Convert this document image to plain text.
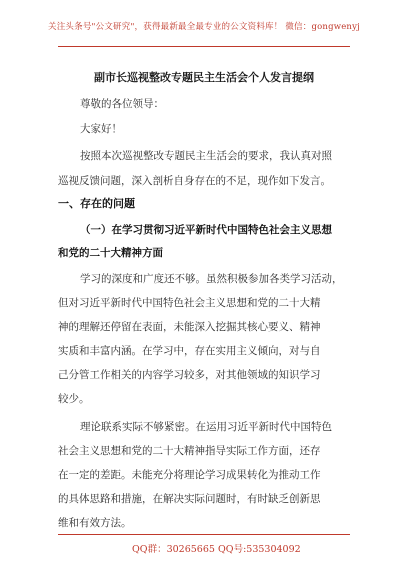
关注头条号"公文研究"，获得最新最全最专业的公文资料库！ 微信：gongwenyj
副市长巡视整改专题民主生活会个人发言提纲
尊敬的各位领导：
大家好！
按照本次巡视整改专题民主生活会的要求，我认真对照
巡视反馈问题，深入剖析自身存在的不足，现作如下发言。
一、存在的问题
（一）在学习贯彻习近平新时代中国特色社会主义思想
和党的二十大精神方面
学习的深度和广度还不够。虽然积极参加各类学习活动，
但对习近平新时代中国特色社会主义思想和党的二十大精
神的理解还停留在表面，未能深入挖掘其核心要义、精神
实质和丰富内涵。在学习中，存在实用主义倾向，对与自
己分管工作相关的内容学习较多，对其他领域的知识学习
较少。
理论联系实际不够紧密。在运用习近平新时代中国特色
社会主义思想和党的二十大精神指导实际工作方面，还存
在一定的差距。未能充分将理论学习成果转化为推动工作
的具体思路和措施，在解决实际问题时，有时缺乏创新思
维和有效方法。
QQ群：30265665 QQ号:535304092
